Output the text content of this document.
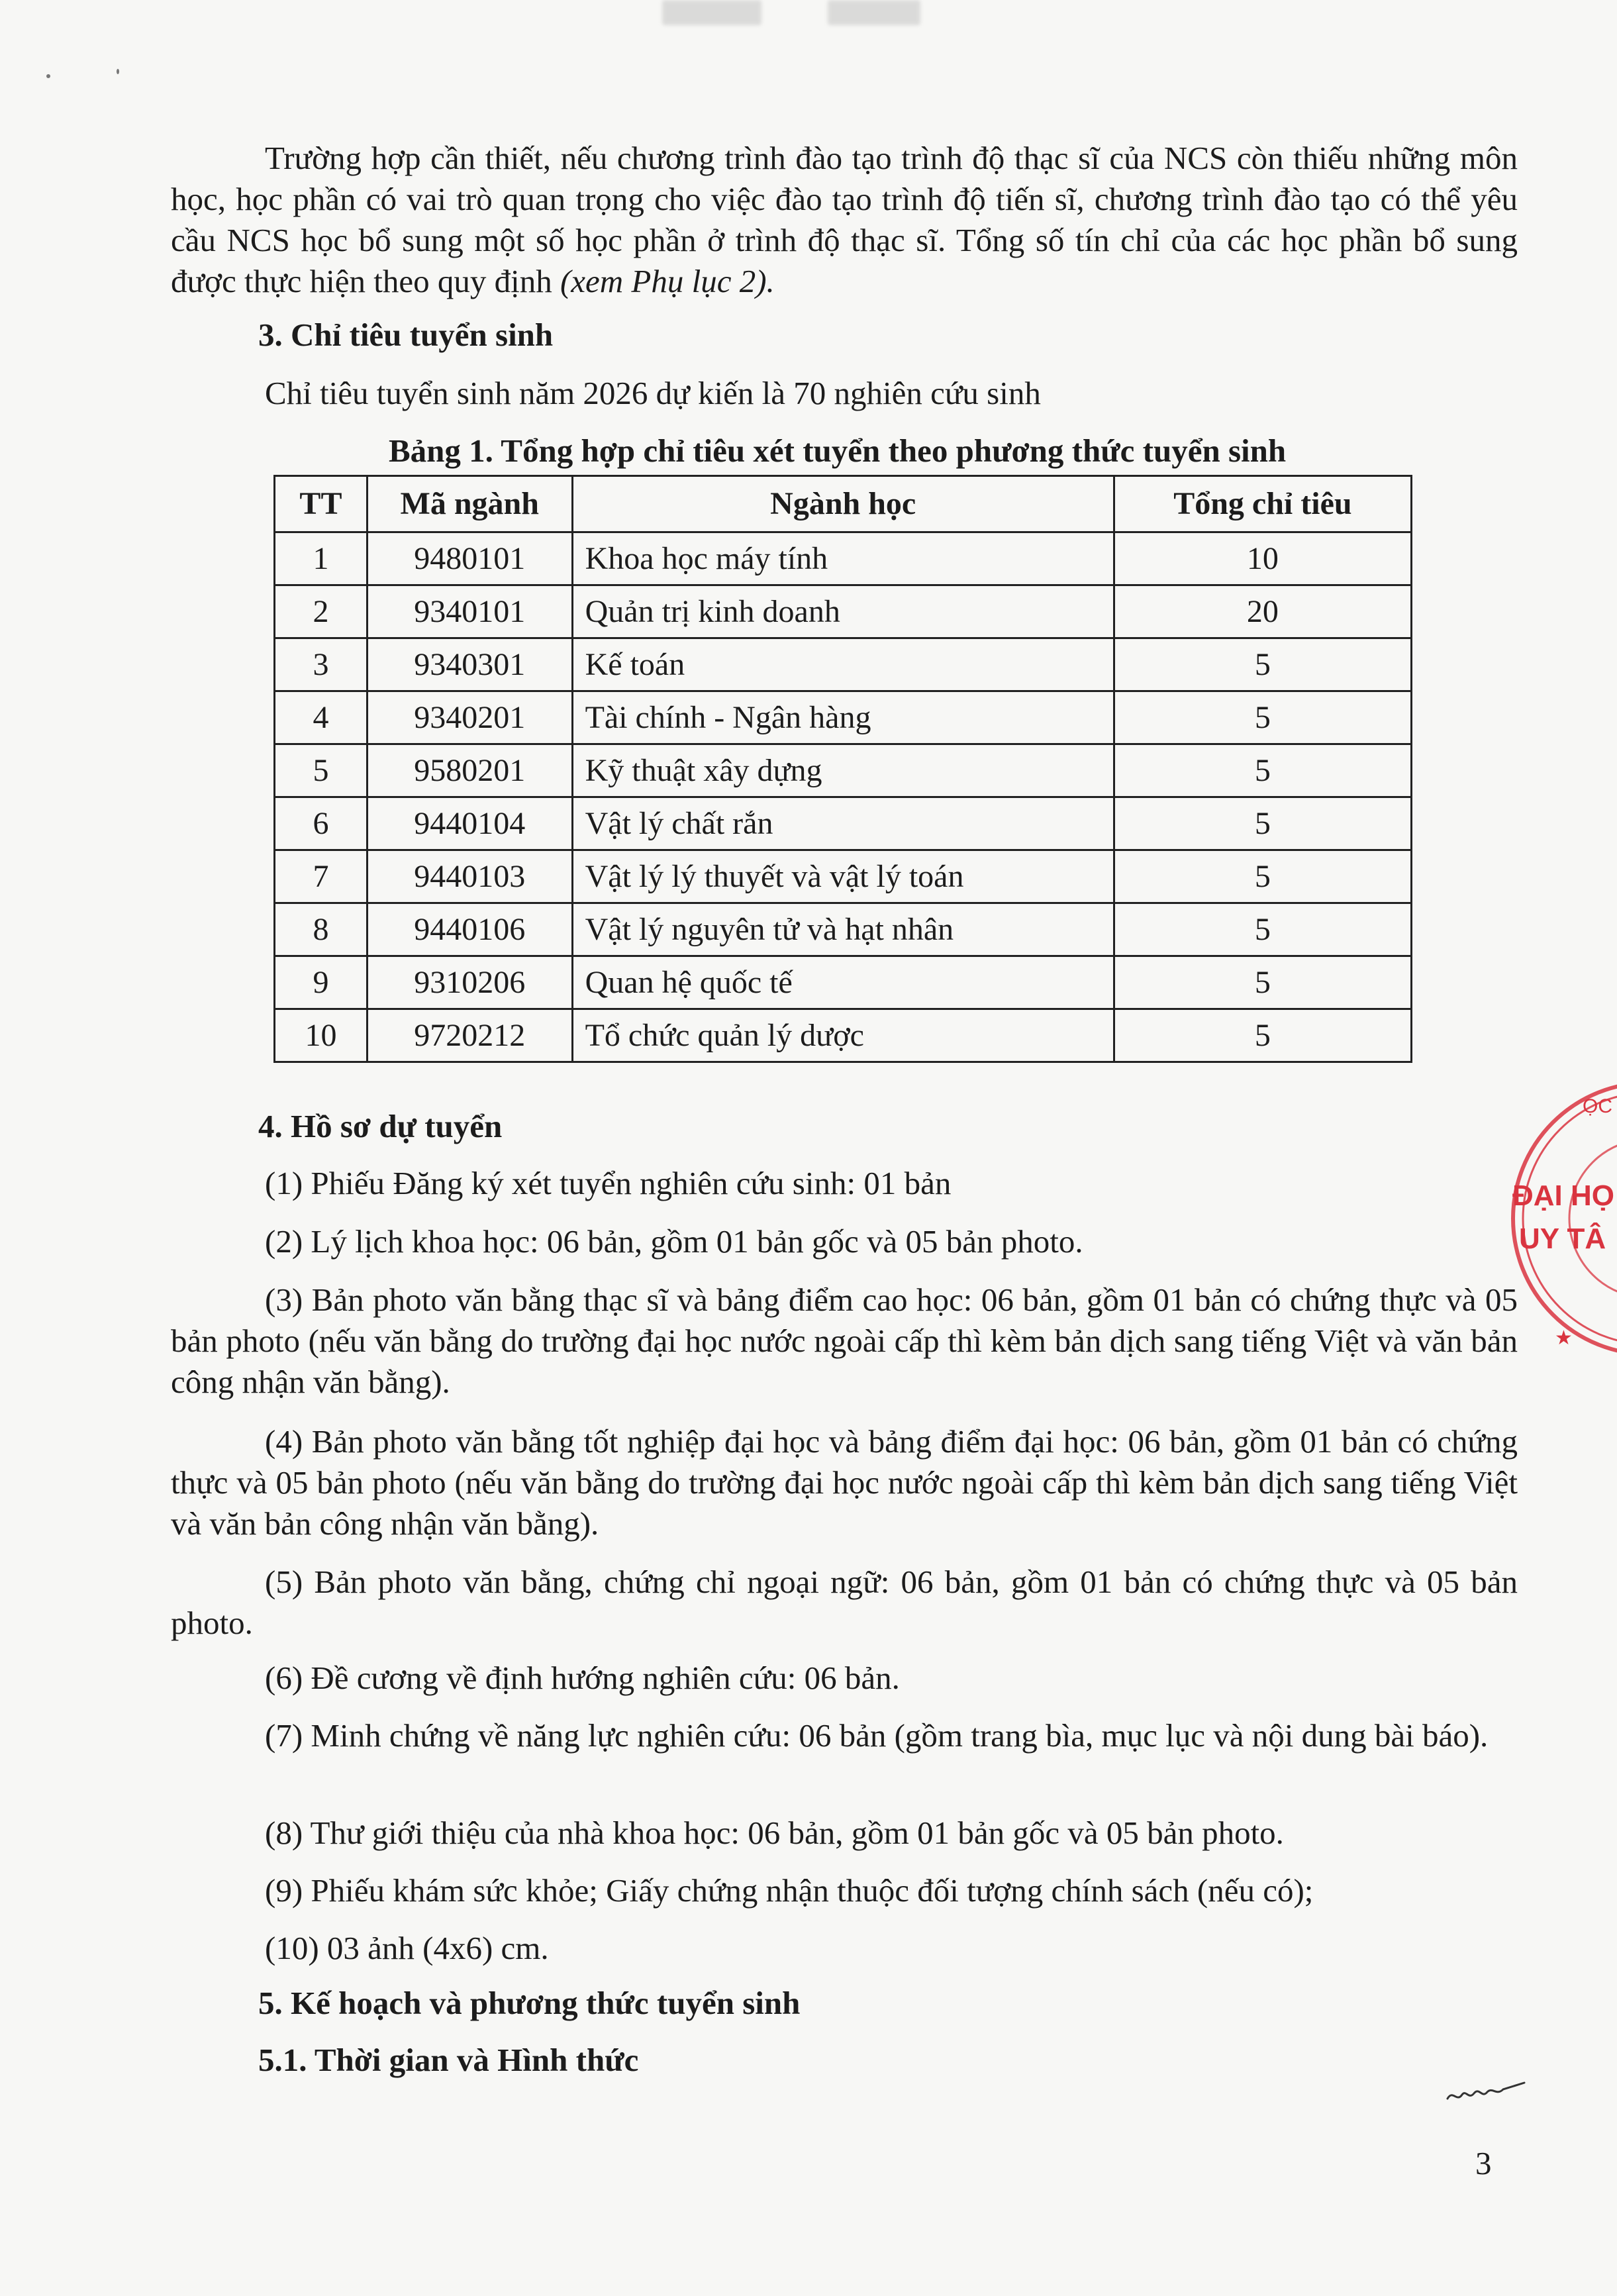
Trường hợp cần thiết, nếu chương trình đào tạo trình độ thạc sĩ của NCS còn thiếu những môn học, học phần có vai trò quan trọng cho việc đào tạo trình độ tiến sĩ, chương trình đào tạo có thể yêu cầu NCS học bổ sung một số học phần ở trình độ thạc sĩ. Tổng số tín chỉ của các học phần bổ sung được thực hiện theo quy định (xem Phụ lục 2).
3. Chỉ tiêu tuyển sinh
Chỉ tiêu tuyển sinh năm 2026 dự kiến là 70 nghiên cứu sinh
Bảng 1. Tổng hợp chỉ tiêu xét tuyển theo phương thức tuyển sinh
TT	Mã ngành	Ngành học	Tổng chỉ tiêu
1	9480101	Khoa học máy tính	10
2	9340101	Quản trị kinh doanh	20
3	9340301	Kế toán	5
4	9340201	Tài chính - Ngân hàng	5
5	9580201	Kỹ thuật xây dựng	5
6	9440104	Vật lý chất rắn	5
7	9440103	Vật lý lý thuyết và vật lý toán	5
8	9440106	Vật lý nguyên tử và hạt nhân	5
9	9310206	Quan hệ quốc tế	5
10	9720212	Tổ chức quản lý dược	5
4. Hồ sơ dự tuyển
(1) Phiếu Đăng ký xét tuyển nghiên cứu sinh: 01 bản
(2) Lý lịch khoa học: 06 bản, gồm 01 bản gốc và 05 bản photo.
(3) Bản photo văn bằng thạc sĩ và bảng điểm cao học: 06 bản, gồm 01 bản có chứng thực và 05 bản photo (nếu văn bằng do trường đại học nước ngoài cấp thì kèm bản dịch sang tiếng Việt và văn bản công nhận văn bằng).
(4) Bản photo văn bằng tốt nghiệp đại học và bảng điểm đại học: 06 bản, gồm 01 bản có chứng thực và 05 bản photo (nếu văn bằng do trường đại học nước ngoài cấp thì kèm bản dịch sang tiếng Việt và văn bản công nhận văn bằng).
(5) Bản photo văn bằng, chứng chỉ ngoại ngữ: 06 bản, gồm 01 bản có chứng thực và 05 bản photo.
(6) Đề cương về định hướng nghiên cứu: 06 bản.
(7) Minh chứng về năng lực nghiên cứu: 06 bản (gồm trang bìa, mục lục và nội dung bài báo).
(8) Thư giới thiệu của nhà khoa học: 06 bản, gồm 01 bản gốc và 05 bản photo.
(9) Phiếu khám sức khỏe; Giấy chứng nhận thuộc đối tượng chính sách (nếu có);
(10) 03 ảnh (4x6) cm.
5. Kế hoạch và phương thức tuyển sinh
5.1. Thời gian và Hình thức
ỌC
ĐẠI HỌ
UY TÂ
★
3
